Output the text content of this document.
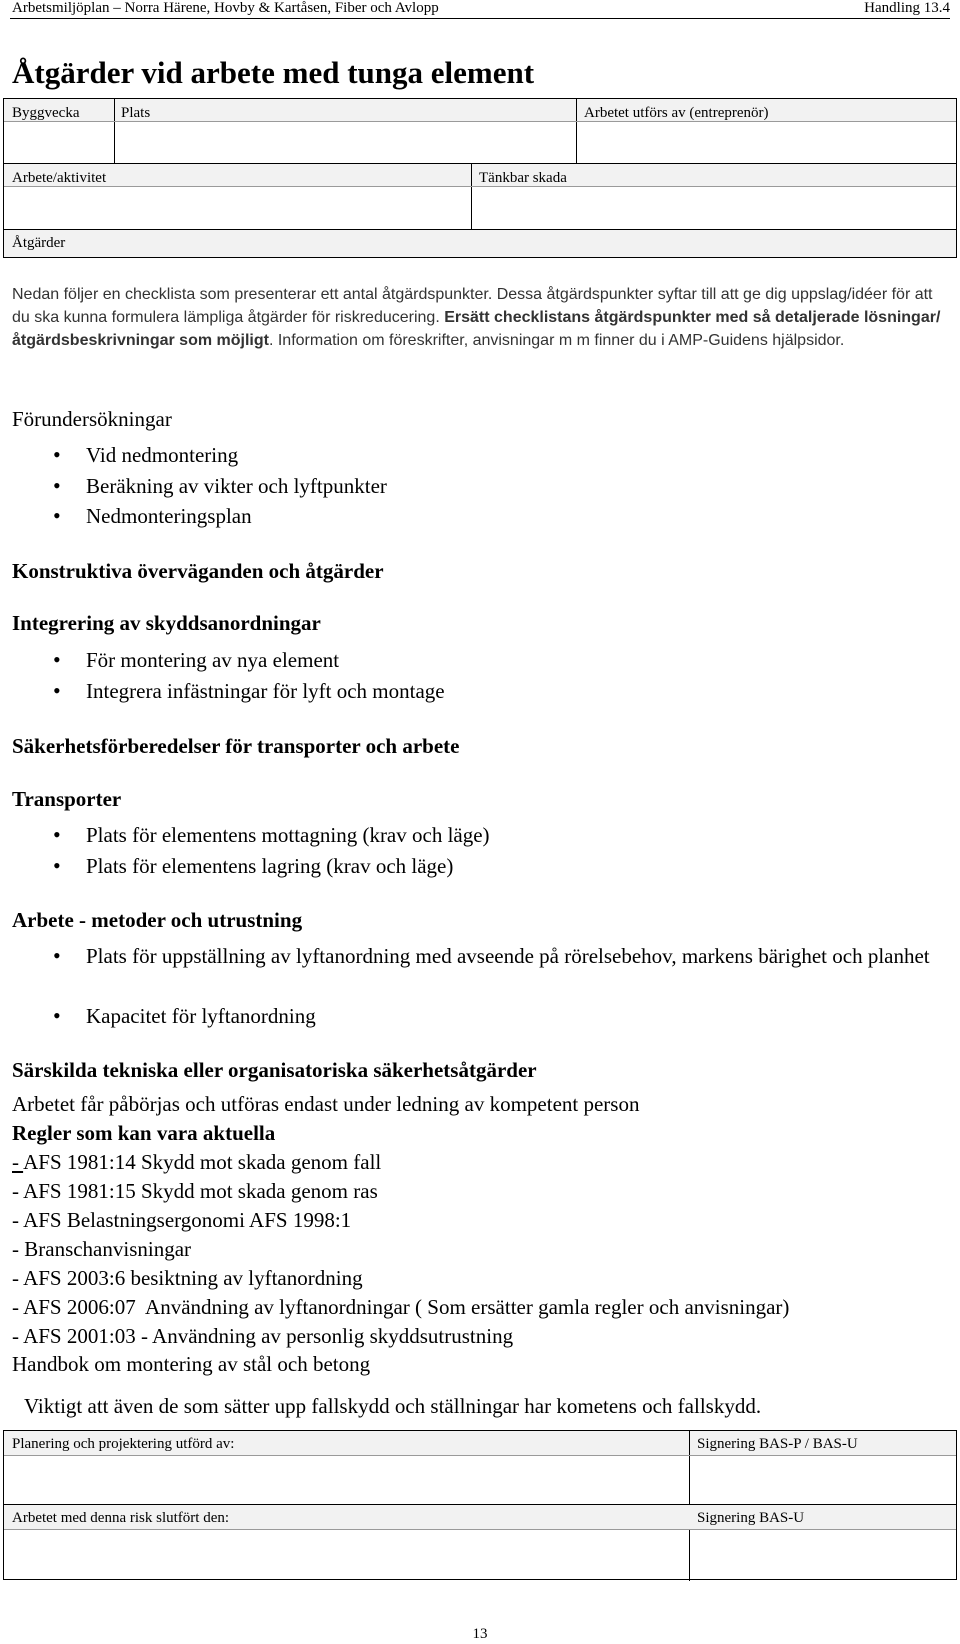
Arbetsmiljöplan – Norra Härene, Hovby & Kartåsen, Fiber och Avlopp	Handling 13.4
Åtgärder vid arbete med tunga element
Byggvecka	Plats	Arbetet utförs av (entreprenör)
Arbete/aktivitet	Tänkbar skada
Åtgärder
Nedan följer en checklista som presenterar ett antal åtgärdspunkter. Dessa åtgärdspunkter syftar till att ge dig uppslag/idéer för att du ska kunna formulera lämpliga åtgärder för riskreducering. Ersätt checklistans åtgärdspunkter med så detaljerade lösningar/åtgärdsbeskrivningar som möjligt. Information om föreskrifter, anvisningar m m finner du i AMP-Guidens hjälpsidor.
Förundersökningar
• Vid nedmontering
• Beräkning av vikter och lyftpunkter
• Nedmonteringsplan
Konstruktiva överväganden och åtgärder
Integrering av skyddsanordningar
• För montering av nya element
• Integrera infästningar för lyft och montage
Säkerhetsförberedelser för transporter och arbete
Transporter
• Plats för elementens mottagning (krav och läge)
• Plats för elementens lagring (krav och läge)
Arbete - metoder och utrustning
• Plats för uppställning av lyftanordning med avseende på rörelsebehov, markens bärighet och planhet
• Kapacitet för lyftanordning
Särskilda tekniska eller organisatoriska säkerhetsåtgärder
Arbetet får påbörjas och utföras endast under ledning av kompetent person
Regler som kan vara aktuella
- AFS 1981:14 Skydd mot skada genom fall
- AFS 1981:15 Skydd mot skada genom ras
- AFS Belastningsergonomi AFS 1998:1
- Branschanvisningar
- AFS 2003:6 besiktning av lyftanordning
- AFS 2006:07  Användning av lyftanordningar ( Som ersätter gamla regler och anvisningar)
- AFS 2001:03 - Användning av personlig skyddsutrustning
Handbok om montering av stål och betong
Viktigt att även de som sätter upp fallskydd och ställningar har kometens och fallskydd.
Planering och projektering utförd av:	Signering BAS-P / BAS-U
Arbetet med denna risk slutfört den:	Signering BAS-U
13
